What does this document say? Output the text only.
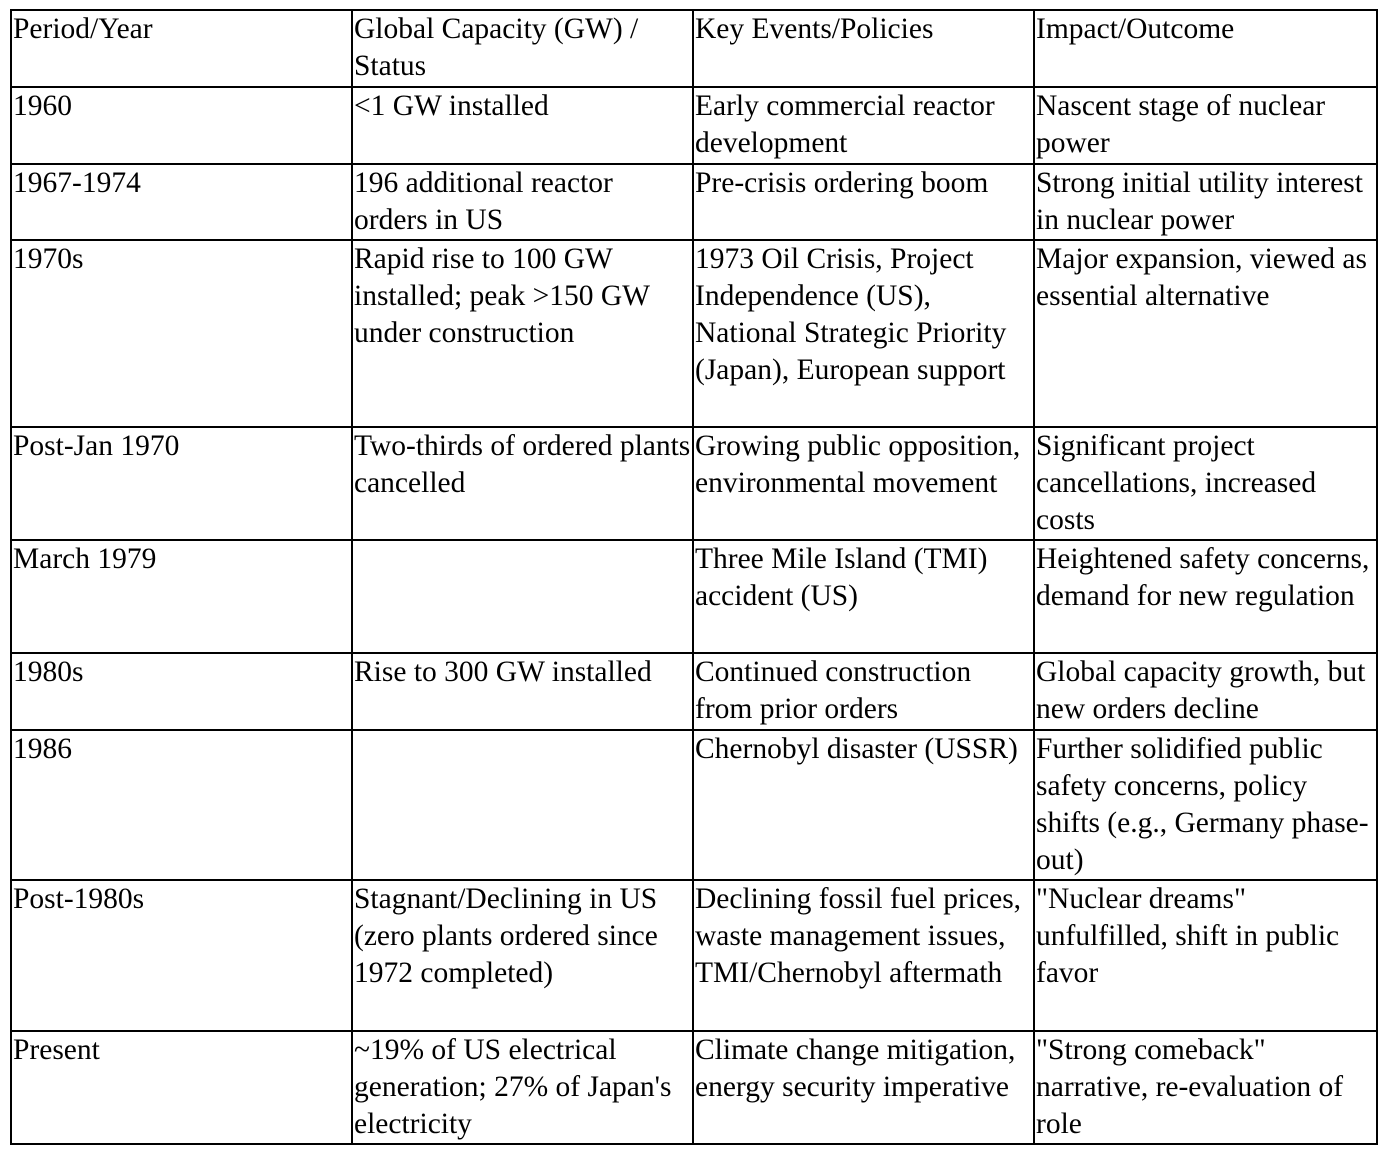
Period/Year	Global Capacity (GW) / Status	Key Events/Policies	Impact/Outcome

1960	<1 GW installed	Early commercial reactor development	Nascent stage of nuclear power

1967-1974	196 additional reactor orders in US	Pre-crisis ordering boom	Strong initial utility interest in nuclear power

1970s	Rapid rise to 100 GW installed; peak >150 GW under construction	1973 Oil Crisis, Project Independence (US), National Strategic Priority (Japan), European support	Major expansion, viewed as essential alternative

Post-Jan 1970	Two-thirds of ordered plants cancelled	Growing public opposition, environmental movement	Significant project cancellations, increased costs

March 1979		Three Mile Island (TMI) accident (US)	Heightened safety concerns, demand for new regulation

1980s	Rise to 300 GW installed	Continued construction from prior orders	Global capacity growth, but new orders decline

1986		Chernobyl disaster (USSR)	Further solidified public safety concerns, policy shifts (e.g., Germany phase-out)

Post-1980s	Stagnant/Declining in US (zero plants ordered since 1972 completed)	Declining fossil fuel prices, waste management issues, TMI/Chernobyl aftermath	"Nuclear dreams" unfulfilled, shift in public favor

Present	~19% of US electrical generation; 27% of Japan's electricity	Climate change mitigation, energy security imperative	"Strong comeback" narrative, re-evaluation of role
